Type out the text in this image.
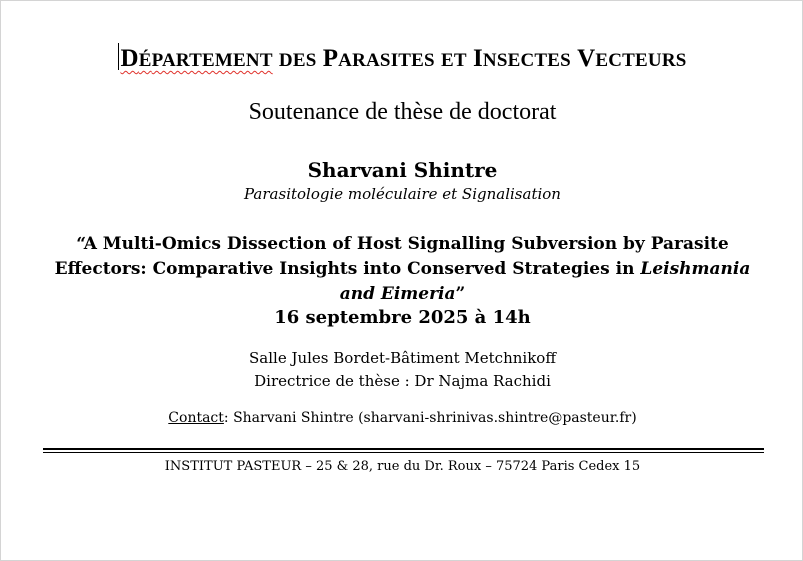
DÉPARTEMENT DES PARASITES ET INSECTES VECTEURS
Soutenance de thèse de doctorat
Sharvani Shintre
Parasitologie moléculaire et Signalisation
“A Multi-Omics Dissection of Host Signalling Subversion by Parasite
Effectors: Comparative Insights into Conserved Strategies in Leishmania
and Eimeria”
16 septembre 2025 à 14h
Salle Jules Bordet-Bâtiment Metchnikoff
Directrice de thèse : Dr Najma Rachidi
Contact: Sharvani Shintre (sharvani-shrinivas.shintre@pasteur.fr)
INSTITUT PASTEUR – 25 & 28, rue du Dr. Roux – 75724 Paris Cedex 15
